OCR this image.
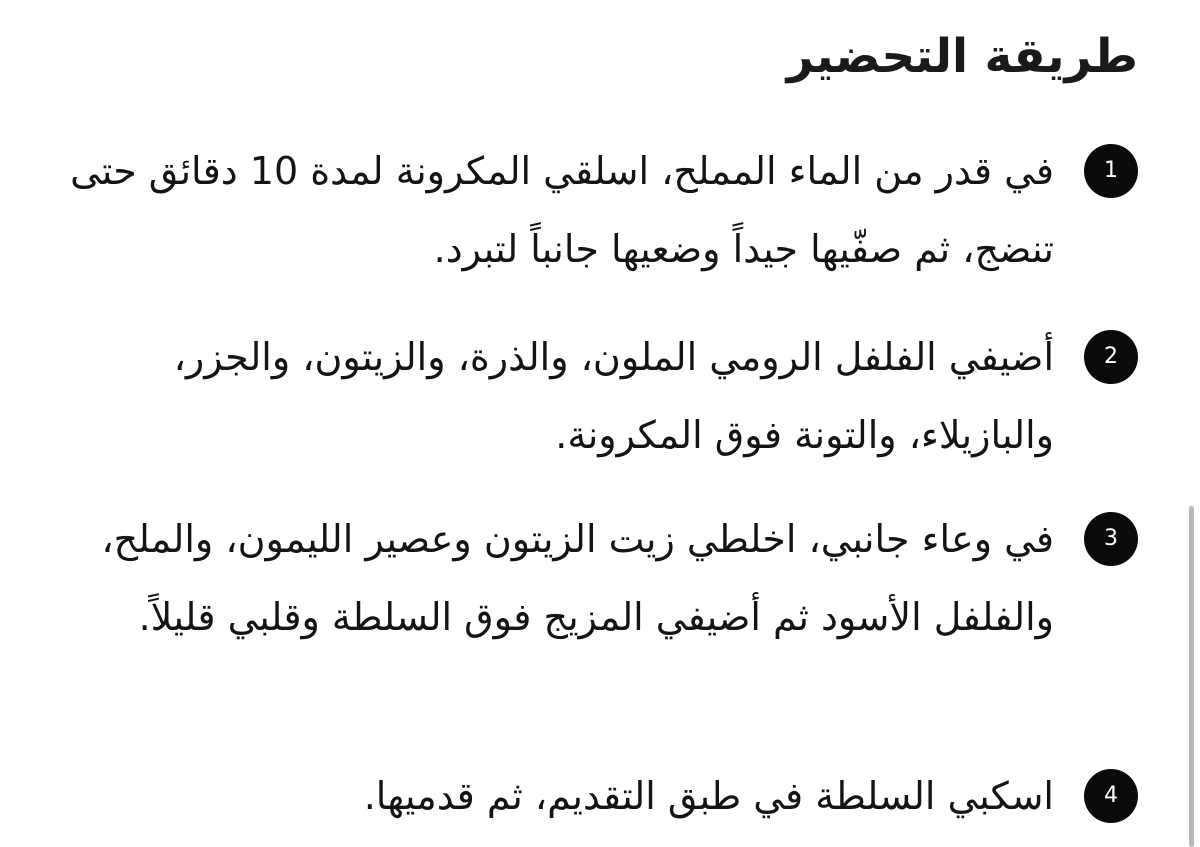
طريقة التحضير
1

في قدر من الماء المملح، اسلقي المكرونة لمدة 10 دقائق حتى تنضج، ثم صفّيها جيداً وضعيها جانباً لتبرد.

2

أضيفي الفلفل الرومي الملون، والذرة، والزيتون، والجزر، والبازيلاء، والتونة فوق المكرونة.

3

في وعاء جانبي، اخلطي زيت الزيتون وعصير الليمون، والملح، والفلفل الأسود ثم أضيفي المزيج فوق السلطة وقلبي قليلاً.

4

اسكبي السلطة في طبق التقديم، ثم قدميها.
